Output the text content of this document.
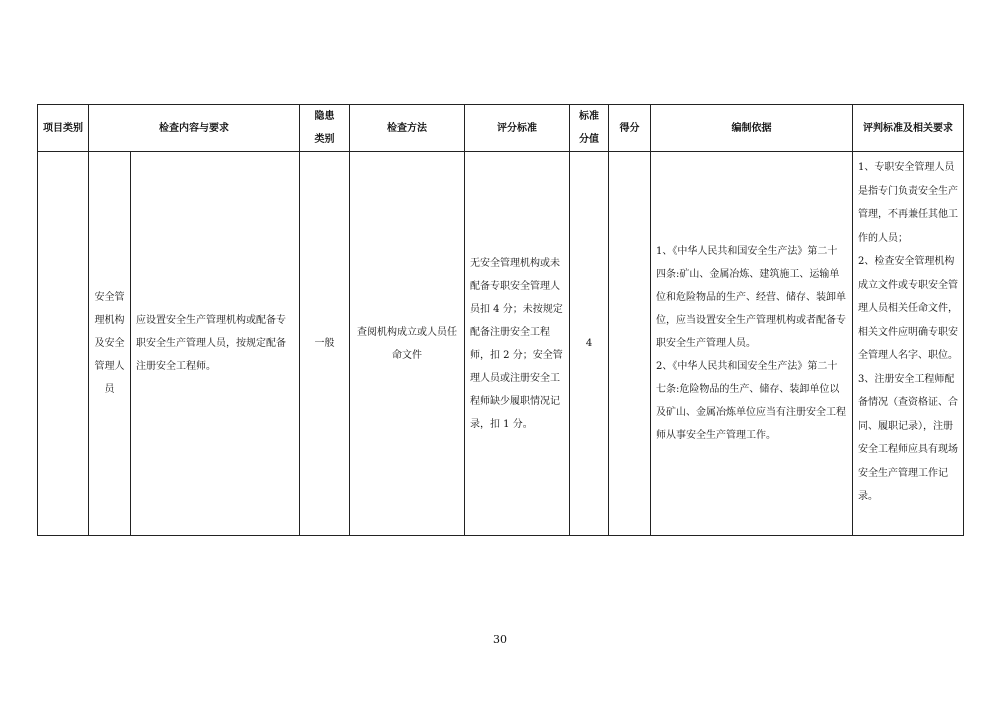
项目类别	检查内容与要求		隐患类别	检查方法	评分标准	标准分值	得分	编制依据	评判标准及相关要求

	安全管理机构及安全管理人员	应设置安全生产管理机构或配备专职安全生产管理人员，按规定配备注册安全工程师。	一般	查阅机构成立或人员任命文件	无安全管理机构或未配备专职安全管理人员扣 4 分；未按规定配备注册安全工程师，扣 2 分；安全管理人员或注册安全工程师缺少履职情况记录，扣 1 分。	4		1、《中华人民共和国安全生产法》第二十四条:矿山、金属冶炼、建筑施工、运输单位和危险物品的生产、经营、储存、装卸单位，应当设置安全生产管理机构或者配备专职安全生产管理人员。
2、《中华人民共和国安全生产法》第二十七条:危险物品的生产、储存、装卸单位以及矿山、金属冶炼单位应当有注册安全工程师从事安全生产管理工作。	1、专职安全管理人员是指专门负责安全生产管理，不再兼任其他工作的人员；
2、检查安全管理机构成立文件或专职安全管理人员相关任命文件，相关文件应明确专职安全管理人名字、职位。
3、注册安全工程师配备情况（查资格证、合同、履职记录），注册安全工程师应具有现场安全生产管理工作记录。
30
